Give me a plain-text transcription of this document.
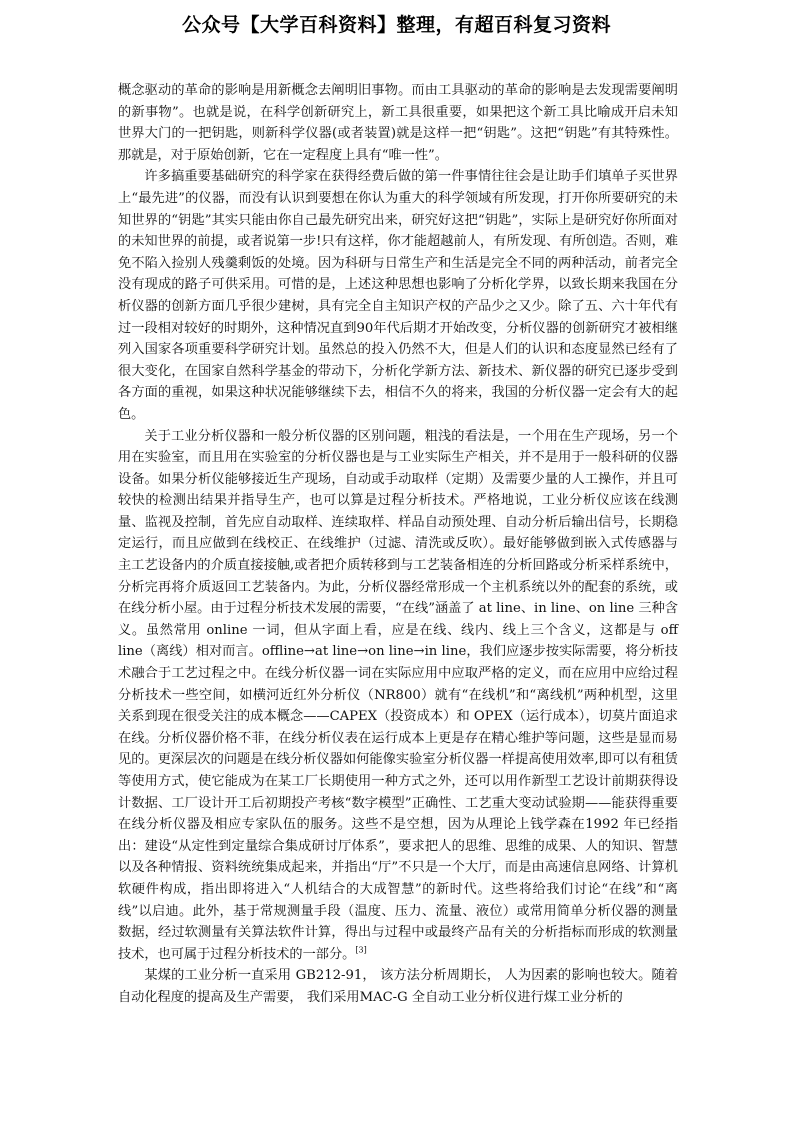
公众号【大学百科资料】整理，有超百科复习资料

概念驱动的革命的影响是用新概念去阐明旧事物。而由工具驱动的革命的影响是去发现需要阐明的新事物”。也就是说，在科学创新研究上，新工具很重要，如果把这个新工具比喻成开启未知世界大门的一把钥匙，则新科学仪器(或者装置)就是这样一把“钥匙”。这把“钥匙”有其特殊性。那就是，对于原始创新，它在一定程度上具有“唯一性”。

许多搞重要基础研究的科学家在获得经费后做的第一件事情往往会是让助手们填单子买世界上“最先进”的仪器，而没有认识到要想在你认为重大的科学领域有所发现，打开你所要研究的未知世界的“钥匙”其实只能由你自己最先研究出来，研究好这把“钥匙”，实际上是研究好你所面对的未知世界的前提，或者说第一步!只有这样，你才能超越前人，有所发现、有所创造。否则，难免不陷入捡别人残羹剩饭的处境。因为科研与日常生产和生活是完全不同的两种活动，前者完全没有现成的路子可供采用。可惜的是，上述这种思想也影响了分析化学界，以致长期来我国在分析仪器的创新方面几乎很少建树，具有完全自主知识产权的产品少之又少。除了五、六十年代有过一段相对较好的时期外，这种情况直到90年代后期才开始改变，分析仪器的创新研究才被相继列入国家各项重要科学研究计划。虽然总的投入仍然不大，但是人们的认识和态度显然已经有了很大变化，在国家自然科学基金的带动下，分析化学新方法、新技术、新仪器的研究已逐步受到各方面的重视，如果这种状况能够继续下去，相信不久的将来，我国的分析仪器一定会有大的起色。

关于工业分析仪器和一般分析仪器的区别问题，粗浅的看法是，一个用在生产现场，另一个用在实验室，而且用在实验室的分析仪器也是与工业实际生产相关，并不是用于一般科研的仪器设备。如果分析仪能够接近生产现场，自动或手动取样（定期）及需要少量的人工操作，并且可较快的检测出结果并指导生产，也可以算是过程分析技术。严格地说，工业分析仪应该在线测量、监视及控制，首先应自动取样、连续取样、样品自动预处理、自动分析后输出信号，长期稳定运行，而且应做到在线校正、在线维护（过滤、清洗或反吹）。最好能够做到嵌入式传感器与主工艺设备内的介质直接接触,或者把介质转移到与工艺装备相连的分析回路或分析采样系统中，分析完再将介质返回工艺装备内。为此，分析仪器经常形成一个主机系统以外的配套的系统，或在线分析小屋。由于过程分析技术发展的需要，“在线”涵盖了 at line、in line、on line 三种含义。虽然常用 online 一词，但从字面上看，应是在线、线内、线上三个含义，这都是与 off line（离线）相对而言。offline→at line→on line→in line，我们应逐步按实际需要，将分析技术融合于工艺过程之中。在线分析仪器一词在实际应用中应取严格的定义，而在应用中应给过程分析技术一些空间，如横河近红外分析仪（NR800）就有“在线机”和“离线机”两种机型，这里关系到现在很受关注的成本概念——CAPEX（投资成本）和 OPEX（运行成本），切莫片面追求在线。分析仪器价格不菲，在线分析仪表在运行成本上更是存在精心维护等问题，这些是显而易见的。更深层次的问题是在线分析仪器如何能像实验室分析仪器一样提高使用效率,即可以有租赁等使用方式，使它能成为在某工厂长期使用一种方式之外，还可以用作新型工艺设计前期获得设计数据、工厂设计开工后初期投产考核“数字模型”正确性、工艺重大变动试验期——能获得重要在线分析仪器及相应专家队伍的服务。这些不是空想，因为从理论上钱学森在1992 年已经指出：建设“从定性到定量综合集成研讨厅体系”，要求把人的思维、思维的成果、人的知识、智慧以及各种情报、资料统统集成起来，并指出“厅”不只是一个大厅，而是由高速信息网络、计算机软硬件构成，指出即将进入“人机结合的大成智慧”的新时代。这些将给我们讨论“在线”和“离线”以启迪。此外，基于常规测量手段（温度、压力、流量、液位）或常用简单分析仪器的测量数据，经过软测量有关算法软件计算，得出与过程中或最终产品有关的分析指标而形成的软测量技术，也可属于过程分析技术的一部分。[3]

某煤的工业分析一直采用 GB212-91， 该方法分析周期长， 人为因素的影响也较大。随着自动化程度的提高及生产需要， 我们采用MAC-G 全自动工业分析仪进行煤工业分析的
